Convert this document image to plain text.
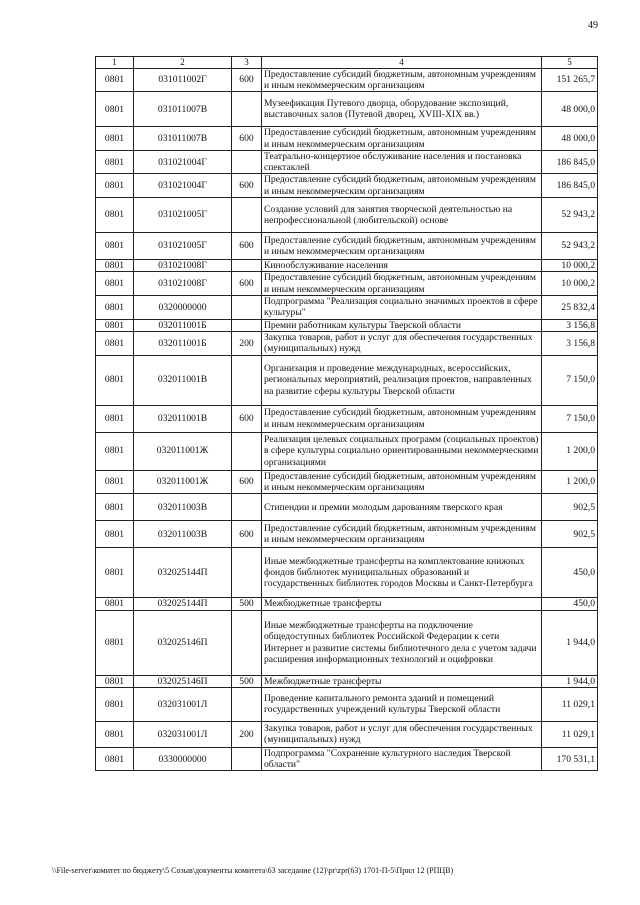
49
1	2	3	4	5
0801	031011002Г	600	Предоставление субсидий бюджетным, автономным учреждениям и иным некоммерческим организациям	151 265,7
0801	031011007В		Музеефикация Путевого дворца, оборудование экспозиций, выставочных залов (Путевой дворец, XVIII-XIX вв.)	48 000,0
0801	031011007В	600	Предоставление субсидий бюджетным, автономным учреждениям и иным некоммерческим организациям	48 000,0
0801	031021004Г		Театрально-концертное обслуживание населения и постановка спектаклей	186 845,0
0801	031021004Г	600	Предоставление субсидий бюджетным, автономным учреждениям и иным некоммерческим организациям	186 845,0
0801	031021005Г		Создание условий для занятия творческой деятельностью на непрофессиональной (любительской) основе	52 943,2
0801	031021005Г	600	Предоставление субсидий бюджетным, автономным учреждениям и иным некоммерческим организациям	52 943,2
0801	031021008Г		Кинообслуживание населения	10 000,2
0801	031021008Г	600	Предоставление субсидий бюджетным, автономным учреждениям и иным некоммерческим организациям	10 000,2
0801	0320000000		Подпрограмма "Реализация социально значимых проектов в сфере культуры"	25 832,4
0801	032011001Б		Премии работникам культуры Тверской области	3 156,8
0801	032011001Б	200	Закупка товаров, работ и услуг для обеспечения государственных (муниципальных) нужд	3 156,8
0801	032011001В		Организация и проведение международных, всероссийских, региональных мероприятий, реализация проектов, направленных на развитие сферы культуры Тверской области	7 150,0
0801	032011001В	600	Предоставление субсидий бюджетным, автономным учреждениям и иным некоммерческим организациям	7 150,0
0801	032011001Ж		Реализация целевых социальных программ (социальных проектов) в сфере культуры социально ориентированными некоммерческими организациями	1 200,0
0801	032011001Ж	600	Предоставление субсидий бюджетным, автономным учреждениям и иным некоммерческим организациям	1 200,0
0801	032011003В		Стипендии и премии молодым дарованиям тверского края	902,5
0801	032011003В	600	Предоставление субсидий бюджетным, автономным учреждениям и иным некоммерческим организациям	902,5
0801	032025144П		Иные межбюджетные трансферты на комплектование книжных фондов библиотек муниципальных образований и государственных библиотек городов Москвы и Санкт-Петербурга	450,0
0801	032025144П	500	Межбюджетные трансферты	450,0
0801	032025146П		Иные межбюджетные трансферты на подключение общедоступных библиотек Российской Федерации к сети Интернет и развитие системы библиотечного дела с учетом задачи расширения информационных технологий и оцифровки	1 944,0
0801	032025146П	500	Межбюджетные трансферты	1 944,0
0801	032031001Л		Проведение капитального ремонта зданий и помещений государственных учреждений культуры Тверской области	11 029,1
0801	032031001Л	200	Закупка товаров, работ и услуг для обеспечения государственных (муниципальных) нужд	11 029,1
0801	0330000000		Подпрограмма "Сохранение культурного наследия Тверской области"	170 531,1
\\File-server\комитет по бюджету\5 Созыв\документы комитета\63 заседание (12)\pr\zpr(63) 1701-П-5\Прил 12 (РПЦВ)
